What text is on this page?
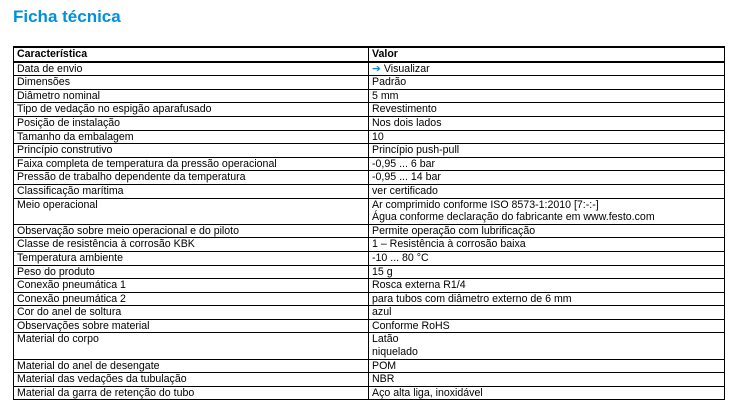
Ficha técnica
Característica	Valor
Data de envio	➔ Visualizar

Dimensões	Padrão

Diâmetro nominal	5 mm

Tipo de vedação no espigão aparafusado	Revestimento

Posição de instalação	Nos dois lados

Tamanho da embalagem	10

Princípio construtivo	Princípio push-pull

Faixa completa de temperatura da pressão operacional	-0,95 ... 6 bar

Pressão de trabalho dependente da temperatura	-0,95 ... 14 bar

Classificação marítima	ver certificado

Meio operacional	Ar comprimido conforme ISO 8573-1:2010 [7:-:-]
Água conforme declaração do fabricante em www.festo.com

Observação sobre meio operacional e do piloto	Permite operação com lubrificação

Classe de resistência à corrosão KBK	1 – Resistência à corrosão baixa

Temperatura ambiente	-10 ... 80 °C

Peso do produto	15 g

Conexão pneumática 1	Rosca externa R1/4

Conexão pneumática 2	para tubos com diâmetro externo de 6 mm

Cor do anel de soltura	azul

Observações sobre material	Conforme RoHS

Material do corpo	Latão
niquelado

Material do anel de desengate	POM

Material das vedações da tubulação	NBR

Material da garra de retenção do tubo	Aço alta liga, inoxidável
